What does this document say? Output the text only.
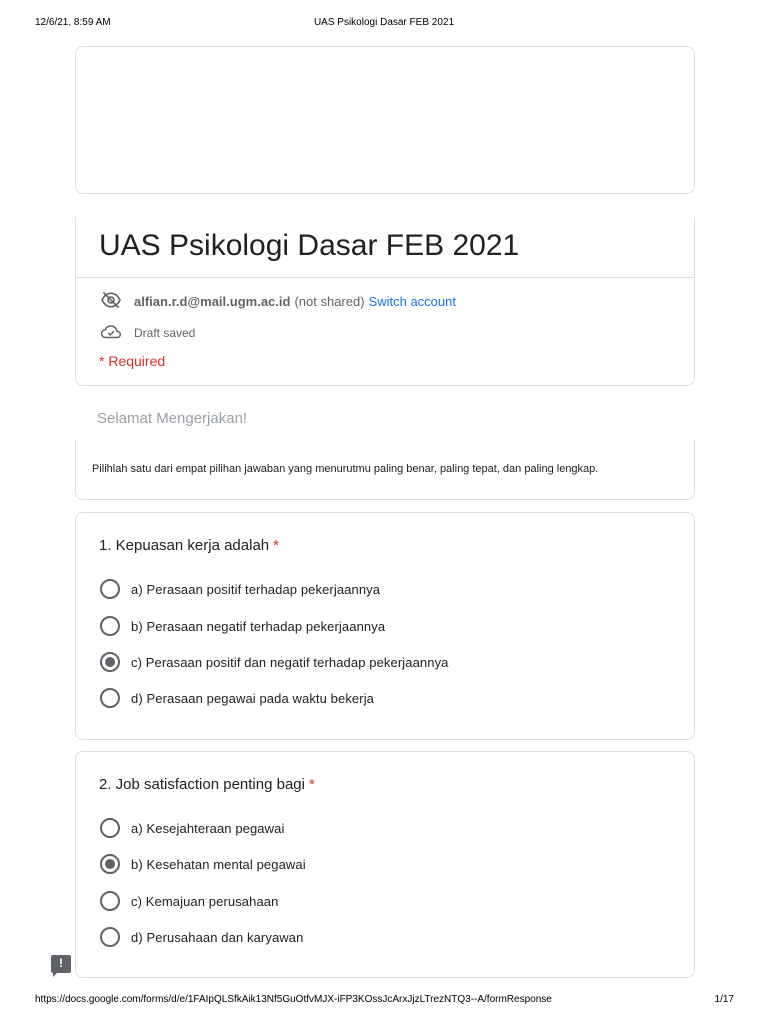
12/6/21, 8:59 AM	UAS Psikologi Dasar FEB 2021
UAS Psikologi Dasar FEB 2021
alfian.r.d@mail.ugm.ac.id (not shared) Switch account
Draft saved
* Required
Selamat Mengerjakan!
Pilihlah satu dari empat pilihan jawaban yang menurutmu paling benar, paling tepat, dan paling lengkap.
1. Kepuasan kerja adalah *
a) Perasaan positif terhadap pekerjaannya
b) Perasaan negatif terhadap pekerjaannya
c) Perasaan positif dan negatif terhadap pekerjaannya
d) Perasaan pegawai pada waktu bekerja
2. Job satisfaction penting bagi *
a) Kesejahteraan pegawai
b) Kesehatan mental pegawai
c) Kemajuan perusahaan
d) Perusahaan dan karyawan
!
https://docs.google.com/forms/d/e/1FAIpQLSfkAik13Nf5GuOtfvMJX-iFP3KOssJcArxJjzLTrezNTQ3--A/formResponse	1/17
